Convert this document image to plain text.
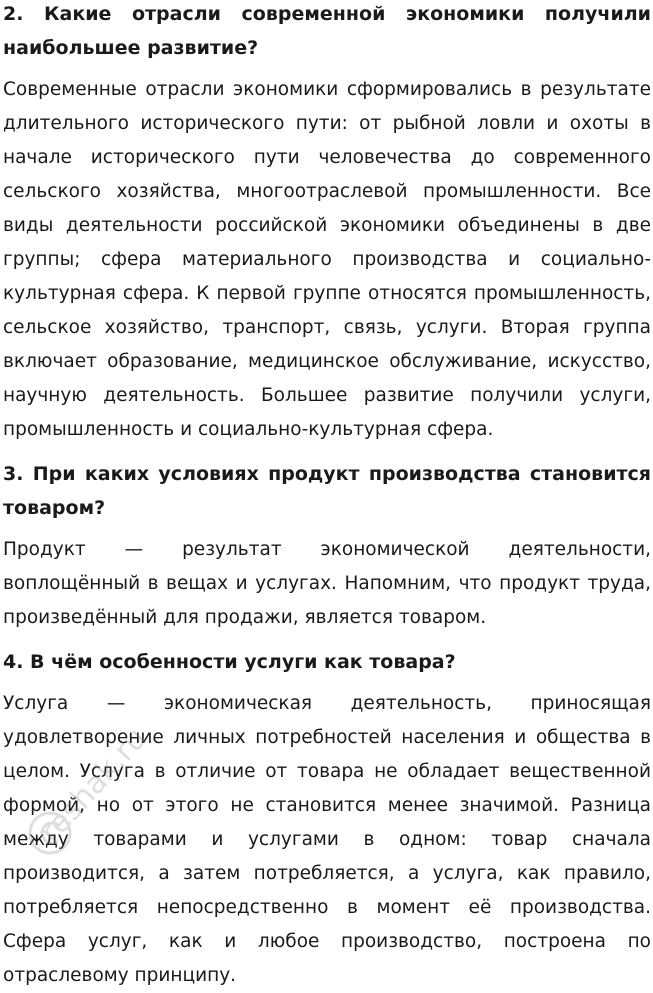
2. Какие отрасли современной экономики получили наибольшее развитие?

Современные отрасли экономики сформировались в результате длительного исторического пути: от рыбной ловли и охоты в начале исторического пути человечества до современного сельского хозяйства, многоотраслевой промышленности. Все виды деятельности российской экономики объединены в две группы; сфера материального производства и социально-культурная сфера. К первой группе относятся промышленность, сельское хозяйство, транспорт, связь, услуги. Вторая группа включает образование, медицинское обслуживание, искусство, научную деятельность. Большее развитие получили услуги, промышленность и социально-культурная сфера.

3. При каких условиях продукт производства становится товаром?

Продукт — результат экономической деятельности, воплощённый в вещах и услугах. Напомним, что продукт труда, произведённый для продажи, является товаром.

4. В чём особенности услуги как товара?

Услуга — экономическая деятельность, приносящая удовлетворение личных потребностей населения и общества в целом. Услуга в отличие от товара не обладает вещественной формой, но от этого не становится менее значимой. Разница между товарами и услугами в одном: товар сначала производится, а затем потребляется, а услуга, как правило, потребляется непосредственно в момент её производства. Сфера услуг, как и любое производство, построена по отраслевому принципу.

reshak.ru
